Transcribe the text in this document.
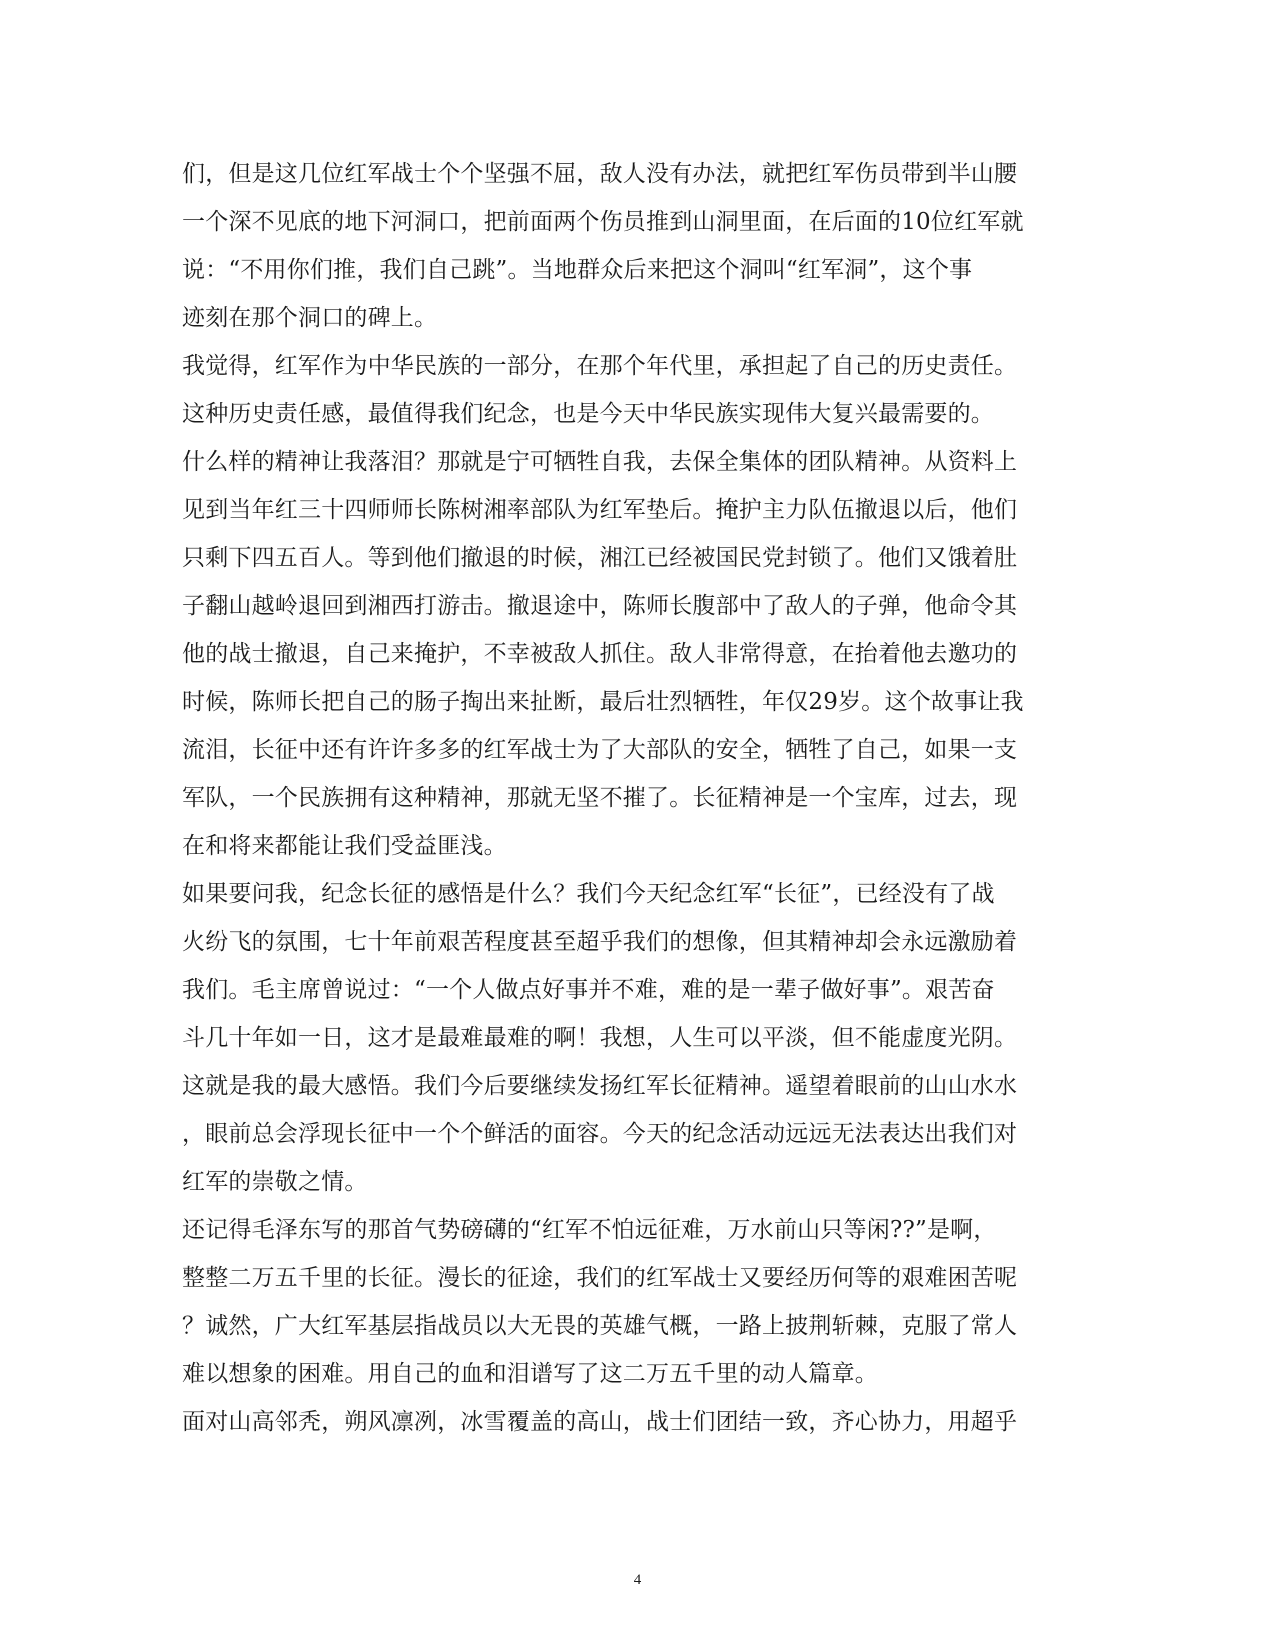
们，但是这几位红军战士个个坚强不屈，敌人没有办法，就把红军伤员带到半山腰
一个深不见底的地下河洞口，把前面两个伤员推到山洞里面，在后面的10位红军就
说：“不用你们推，我们自己跳”。当地群众后来把这个洞叫“红军洞”，这个事
迹刻在那个洞口的碑上。
我觉得，红军作为中华民族的一部分，在那个年代里，承担起了自己的历史责任。
这种历史责任感，最值得我们纪念，也是今天中华民族实现伟大复兴最需要的。
什么样的精神让我落泪？那就是宁可牺牲自我，去保全集体的团队精神。从资料上
见到当年红三十四师师长陈树湘率部队为红军垫后。掩护主力队伍撤退以后，他们
只剩下四五百人。等到他们撤退的时候，湘江已经被国民党封锁了。他们又饿着肚
子翻山越岭退回到湘西打游击。撤退途中，陈师长腹部中了敌人的子弹，他命令其
他的战士撤退，自己来掩护，不幸被敌人抓住。敌人非常得意，在抬着他去邀功的
时候，陈师长把自己的肠子掏出来扯断，最后壮烈牺牲，年仅29岁。这个故事让我
流泪，长征中还有许许多多的红军战士为了大部队的安全，牺牲了自己，如果一支
军队，一个民族拥有这种精神，那就无坚不摧了。长征精神是一个宝库，过去，现
在和将来都能让我们受益匪浅。
如果要问我，纪念长征的感悟是什么？我们今天纪念红军“长征”，已经没有了战
火纷飞的氛围，七十年前艰苦程度甚至超乎我们的想像，但其精神却会永远激励着
我们。毛主席曾说过：“一个人做点好事并不难，难的是一辈子做好事”。艰苦奋
斗几十年如一日，这才是最难最难的啊！我想，人生可以平淡，但不能虚度光阴。
这就是我的最大感悟。我们今后要继续发扬红军长征精神。遥望着眼前的山山水水
，眼前总会浮现长征中一个个鲜活的面容。今天的纪念活动远远无法表达出我们对
红军的崇敬之情。
还记得毛泽东写的那首气势磅礴的“红军不怕远征难，万水前山只等闲??”是啊，
整整二万五千里的长征。漫长的征途，我们的红军战士又要经历何等的艰难困苦呢
？诚然，广大红军基层指战员以大无畏的英雄气概，一路上披荆斩棘，克服了常人
难以想象的困难。用自己的血和泪谱写了这二万五千里的动人篇章。
面对山高邻秃，朔风凛冽，冰雪覆盖的高山，战士们团结一致，齐心协力，用超乎
4
